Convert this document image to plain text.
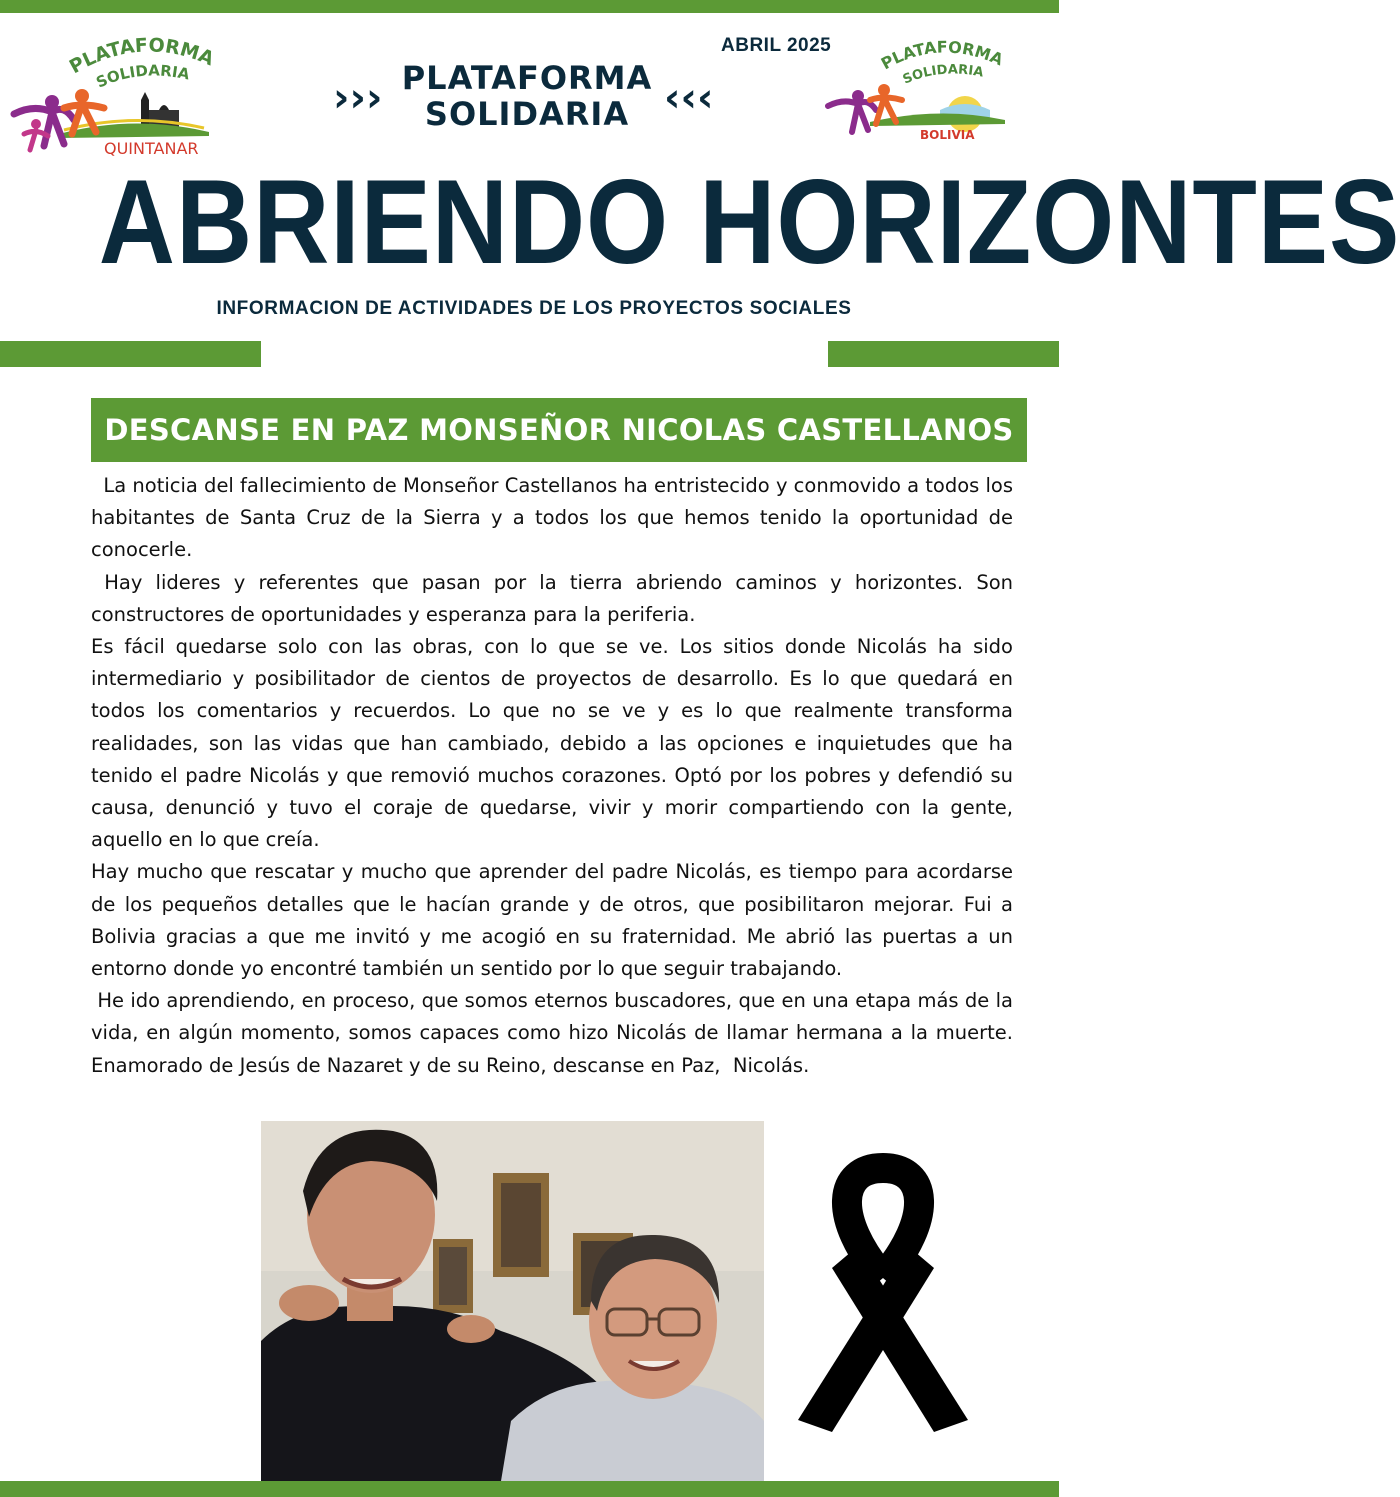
PLATAFORMA
SOLIDARIA
QUINTANAR
ABRIL 2025
››› PLATAFORMA
SOLIDARIA ‹‹‹
PLATAFORMA
SOLIDARIA
BOLIVIA
ABRIENDO HORIZONTES
INFORMACION DE ACTIVIDADES DE LOS PROYECTOS SOCIALES
DESCANSE EN PAZ MONSEÑOR NICOLAS CASTELLANOS

La noticia del fallecimiento de Monseñor Castellanos ha entristecido y conmovido a todos los habitantes de Santa Cruz de la Sierra y a todos los que hemos tenido la oportunidad de conocerle.

Hay lideres y referentes que pasan por la tierra abriendo caminos y horizontes. Son constructores de oportunidades y esperanza para la periferia.

Es fácil quedarse solo con las obras, con lo que se ve. Los sitios donde Nicolás ha sido intermediario y posibilitador de cientos de proyectos de desarrollo. Es lo que quedará en todos los comentarios y recuerdos. Lo que no se ve y es lo que realmente transforma realidades, son las vidas que han cambiado, debido a las opciones e inquietudes que ha tenido el padre Nicolás y que removió muchos corazones. Optó por los pobres y defendió su causa, denunció y tuvo el coraje de quedarse, vivir y morir compartiendo con la gente, aquello en lo que creía.

Hay mucho que rescatar y mucho que aprender del padre Nicolás, es tiempo para acordarse de los pequeños detalles que le hacían grande y de otros, que posibilitaron mejorar. Fui a Bolivia gracias a que me invitó y me acogió en su fraternidad. Me abrió las puertas a un entorno donde yo encontré también un sentido por lo que seguir trabajando.

He ido aprendiendo, en proceso, que somos eternos buscadores, que en una etapa más de la vida, en algún momento, somos capaces como hizo Nicolás de llamar hermana a la muerte. Enamorado de Jesús de Nazaret y de su Reino, descanse en Paz,  Nicolás.
